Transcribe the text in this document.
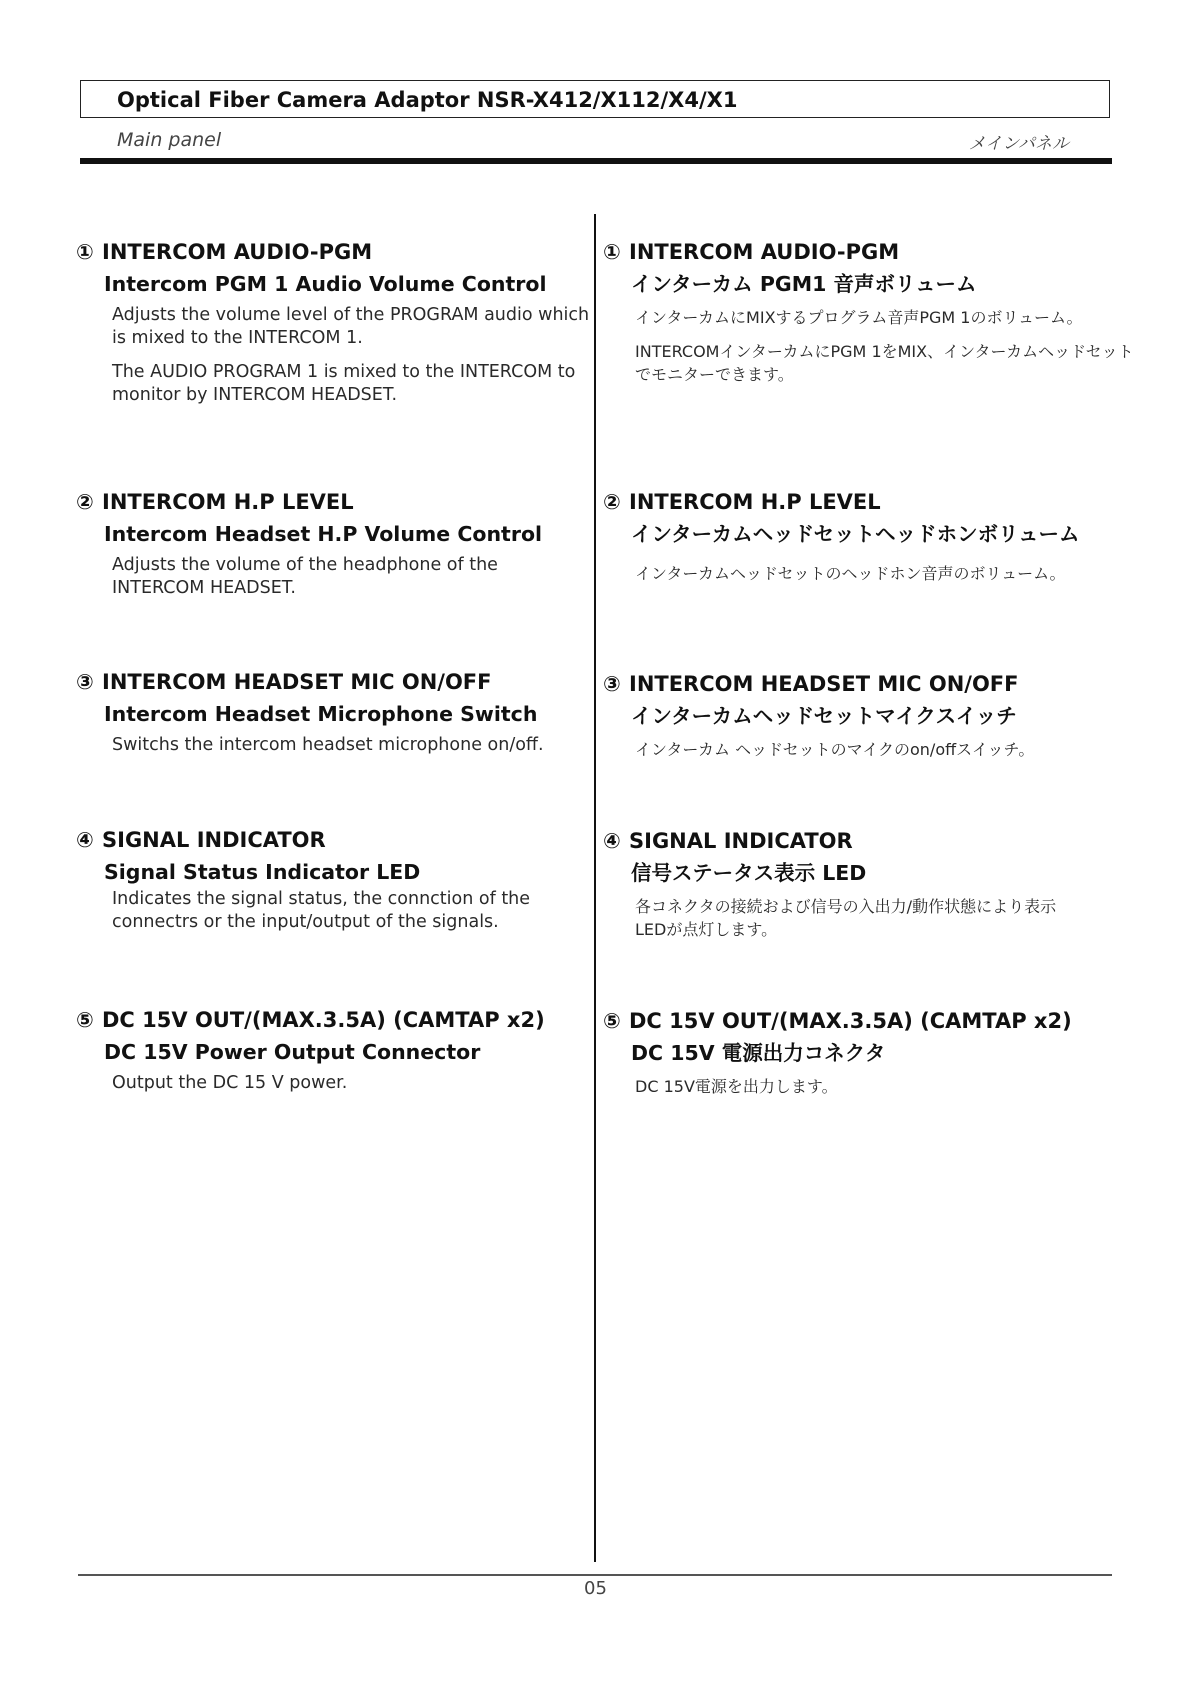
Optical Fiber Camera Adaptor NSR-X412/X112/X4/X1
Main panel	メインパネル
① INTERCOM AUDIO-PGM
Intercom PGM 1 Audio Volume Control

Adjusts the volume level of the PROGRAM audio which is mixed to the INTERCOM 1.

The AUDIO PROGRAM 1 is mixed to the INTERCOM to monitor by INTERCOM HEADSET.

② INTERCOM H.P LEVEL
Intercom Headset H.P Volume Control

Adjusts the volume of the headphone of the INTERCOM HEADSET.

③ INTERCOM HEADSET MIC ON/OFF
Intercom Headset Microphone Switch

Switchs the intercom headset microphone on/off.

④ SIGNAL INDICATOR
Signal Status Indicator LED

Indicates the signal status, the connction of the connectrs or the input/output of the signals.

⑤ DC 15V OUT/(MAX.3.5A) (CAMTAP x2)
DC 15V Power Output Connector

Output the DC 15 V power.

① INTERCOM AUDIO-PGM
インターカム PGM1 音声ボリューム

インターカムにMIXするプログラム音声PGM 1のボリューム。

INTERCOMインターカムにPGM 1をMIX、インターカムヘッドセットでモニターできます。

② INTERCOM H.P LEVEL
インターカムヘッドセットヘッドホンボリューム

インターカムヘッドセットのヘッドホン音声のボリューム。

③ INTERCOM HEADSET MIC ON/OFF
インターカムヘッドセットマイクスイッチ

インターカム ヘッドセットのマイクのon/offスイッチ。

④ SIGNAL INDICATOR
信号ステータス表示 LED

各コネクタの接続および信号の入出力/動作状態により表示LEDが点灯します。

⑤ DC 15V OUT/(MAX.3.5A) (CAMTAP x2)
DC 15V 電源出力コネクタ

DC 15V電源を出力します。

05
